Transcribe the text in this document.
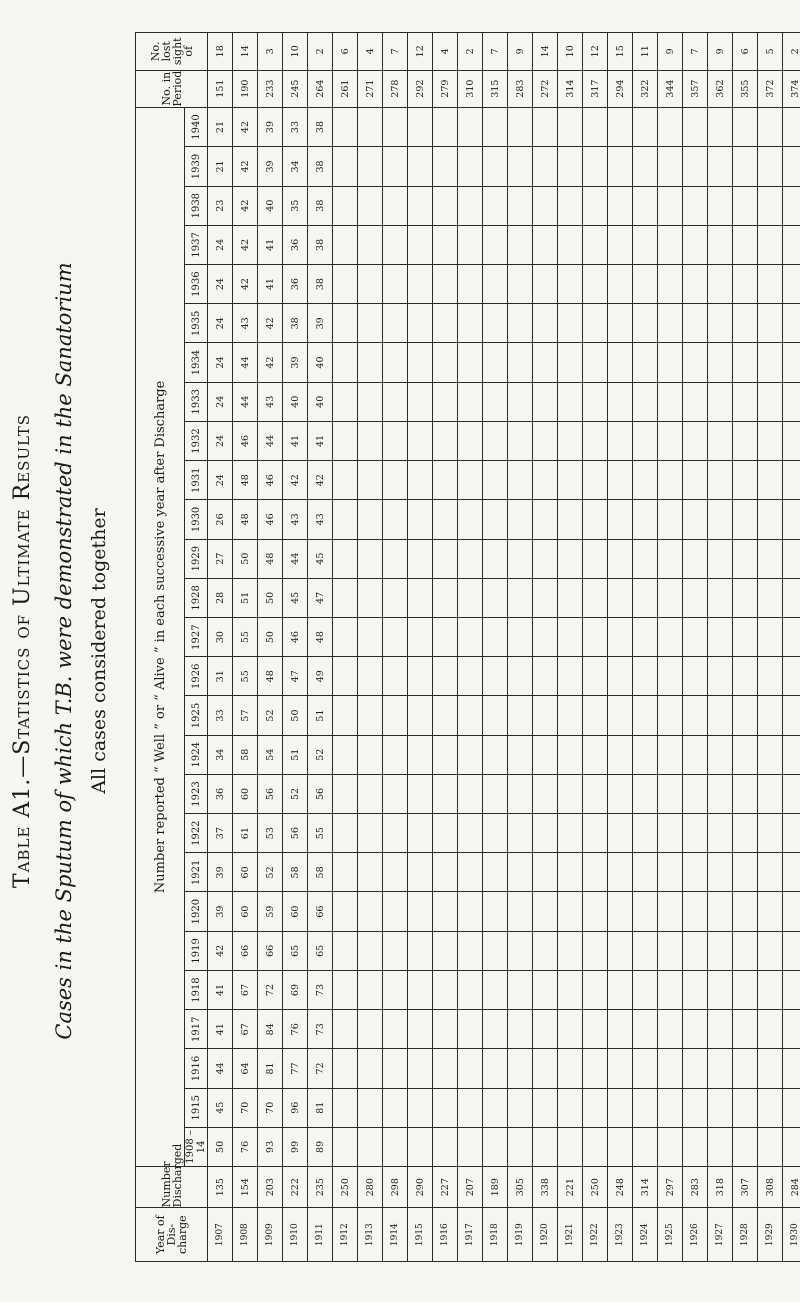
Table A1.—Statistics of Ultimate Results Cases in the Sputum of which T.B. were demonstrated in the Sanatorium All cases considered together
Year of Dis- charge	Number Discharged	Number reported “ Well ” or “ Alive ” in each successive year after Discharge																											No. in Period	No. lost sight of
		1908 –14	1915	1916	1917	1918	1919	1920	1921	1922	1923	1924	1925	1926	1927	1928	1929	1930	1931	1932	1933	1934	1935	1936	1937	1938	1939	1940		
1907	135	50	45	44	41	41	42	39	39	37	36	34	33	31	30	28	27	26	24	24	24	24	24	24	24	23	21	21	151	18
1908	154	76	70	64	67	67	66	60	60	61	60	58	57	55	55	51	50	48	48	46	44	44	43	42	42	42	42	42	190	14
1909	203	93	70	81	84	72	66	59	52	53	56	54	52	48	50	50	48	46	46	44	43	42	42	41	41	40	39	39	233	3
1910	222	99	96	77	76	69	65	60	58	56	52	51	50	47	46	45	44	43	42	41	40	39	38	36	36	35	34	33	245	10
1911	235	89	81	72	73	73	65	66	58	55	56	52	51	49	48	47	45	43	42	41	40	40	39	38	38	38	38	38	264	2
1912	250																												261	6
1913	280																												271	4
1914	298																												278	7
1915	290																												292	12
1916	227																												279	4
1917	207																												310	2
1918	189																												315	7
1919	305																												283	9
1920	338																												272	14
1921	221																												314	10
1922	250																												317	12
1923	248																												294	15
1924	314																												322	11
1925	297																												344	9
1926	283																												357	7
1927	318																												362	9
1928	307																												355	6
1929	308																												372	5
1930	284																												374	2
